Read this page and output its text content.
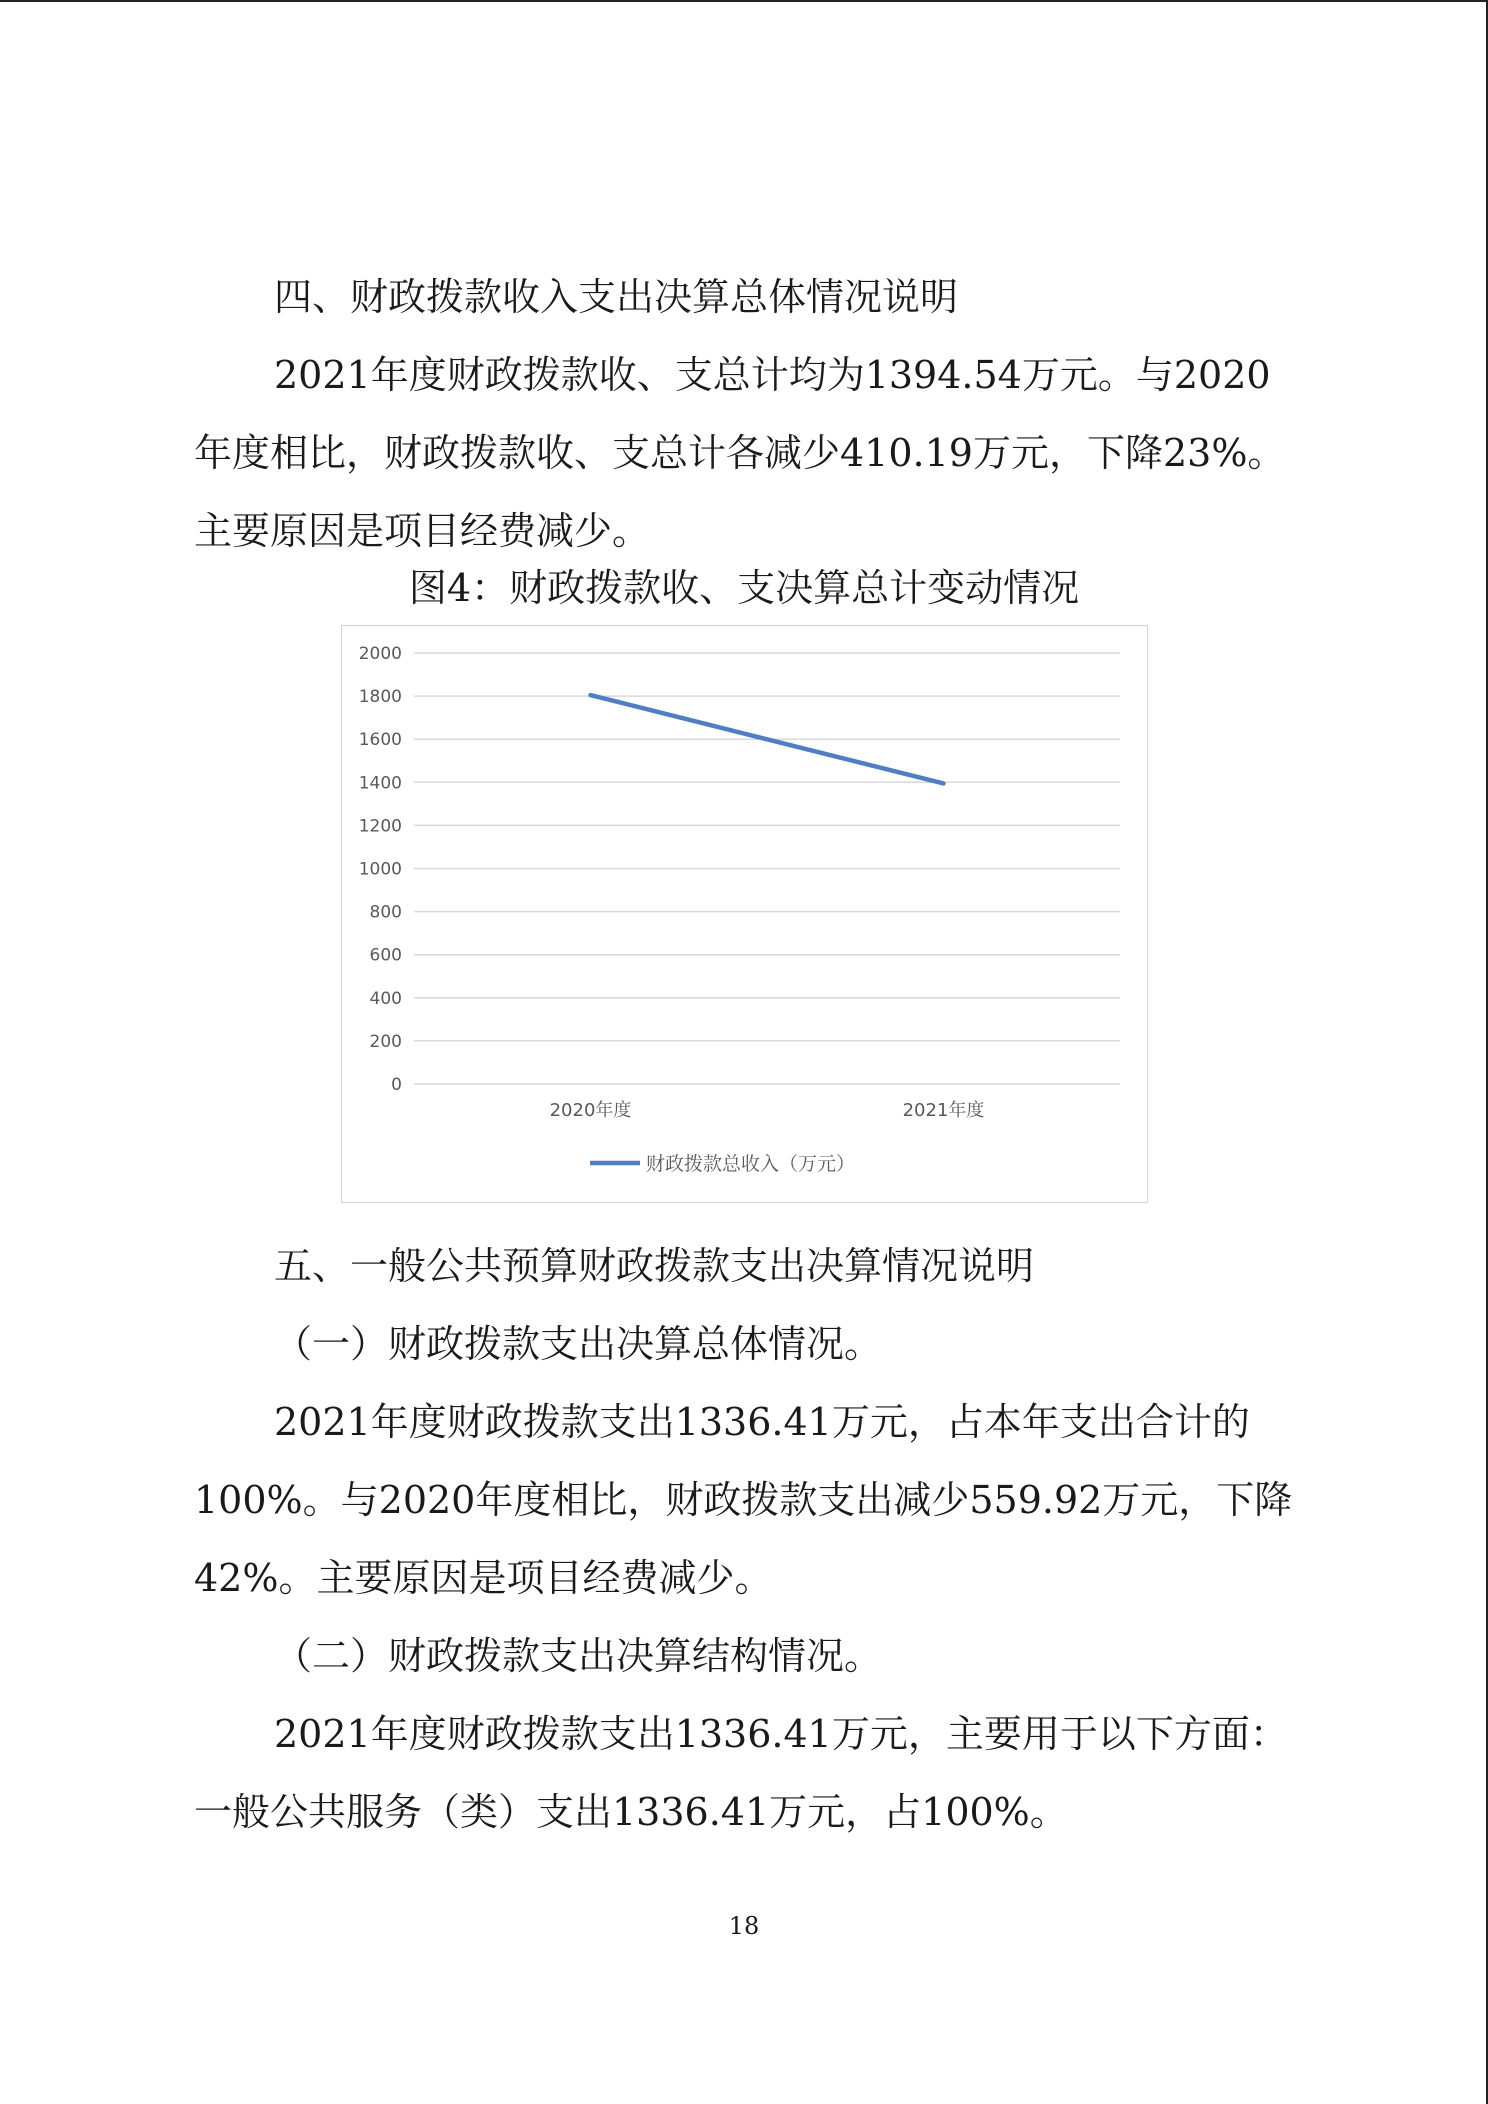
四、财政拨款收入支出决算总体情况说明

2021年度财政拨款收、支总计均为1394.54万元。与2020年度相比，财政拨款收、支总计各减少410.19万元，下降23%。主要原因是项目经费减少。

图4：财政拨款收、支决算总计变动情况

0
200
400
600
800
1000
1200
1400
1600
1800
2000
2020年度	2021年度
财政拨款总收入（万元）

五、一般公共预算财政拨款支出决算情况说明

（一）财政拨款支出决算总体情况。

2021年度财政拨款支出1336.41万元，占本年支出合计的100%。与2020年度相比，财政拨款支出减少559.92万元，下降42%。主要原因是项目经费减少。

（二）财政拨款支出决算结构情况。

2021年度财政拨款支出1336.41万元，主要用于以下方面：一般公共服务（类）支出1336.41万元，占100%。

18
